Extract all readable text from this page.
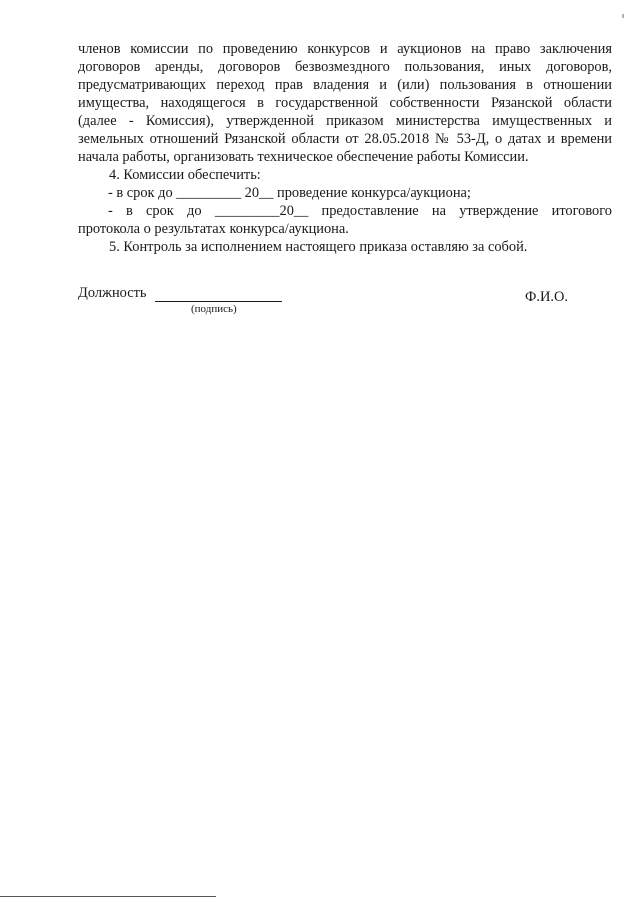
членов комиссии по проведению конкурсов и аукционов на право заключения
договоров аренды, договоров безвозмездного пользования, иных договоров,
предусматривающих переход прав владения и (или) пользования в отношении
имущества, находящегося в государственной собственности Рязанской области
(далее - Комиссия), утвержденной приказом министерства имущественных и
земельных отношений Рязанской области от 28.05.2018 № 53-Д, о датах и времени
начала работы, организовать техническое обеспечение работы Комиссии.
4. Комиссии обеспечить:
- в срок до _________ 20__ проведение конкурса/аукциона;
- в срок до _________20__ предоставление на утверждение итогового
протокола о результатах конкурса/аукциона.
5. Контроль за исполнением настоящего приказа оставляю за собой.
Должность
(подпись)
Ф.И.О.
